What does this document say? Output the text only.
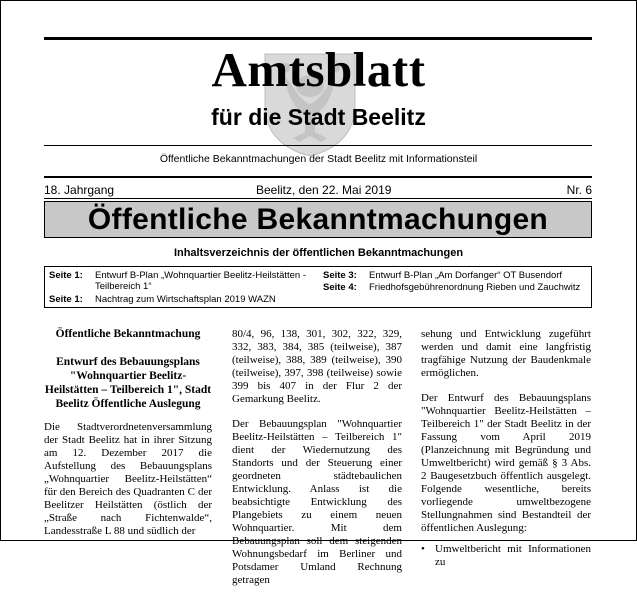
Amtsblatt
für die Stadt Beelitz
Öffentliche Bekanntmachungen der Stadt Beelitz mit Informationsteil
18. Jahrgang	Beelitz, den 22. Mai 2019	Nr. 6
Öffentliche Bekanntmachungen
Inhaltsverzeichnis der öffentlichen Bekanntmachungen
Seite 1:	Entwurf B-Plan „Wohnquartier Beelitz-Heilstätten - Teilbereich 1“
Seite 1:	Nachtrag zum Wirtschaftsplan 2019 WAZN
Seite 3:	Entwurf B-Plan „Am Dorfanger“ OT Busendorf
Seite 4:	Friedhofsgebührenordnung Rieben und Zauchwitz

Öffentliche Bekanntmachung

Entwurf des Bebauungsplans "Wohnquartier Beelitz-Heilstätten – Teilbereich 1", Stadt Beelitz Öffentliche Auslegung

Die Stadtverordnetenversammlung der Stadt Beelitz hat in ihrer Sitzung am 12. Dezember 2017 die Aufstellung des Bebauungsplans „Wohnquartier Beelitz-Heilstätten“ für den Bereich des Quadranten C der Beelitzer Heilstätten (östlich der „Straße nach Fichtenwalde“, Landesstraße L 88 und südlich der

80/4, 96, 138, 301, 302, 322, 329, 332, 383, 384, 385 (teilweise), 387 (teilweise), 388, 389 (teilweise), 390 (teilweise), 397, 398 (teilweise) sowie 399 bis 407 in der Flur 2 der Gemarkung Beelitz.

Der Bebauungsplan "Wohnquartier Beelitz-Heilstätten – Teilbereich 1" dient der Wiedernutzung des Standorts und der Steuerung einer geordneten städtebaulichen Entwicklung. Anlass ist die beabsichtigte Entwicklung des Plangebiets zu einem neuen Wohnquartier. Mit dem Bebauungsplan soll dem steigenden Wohnungsbedarf im Berliner und Potsdamer Umland Rechnung getragen

sehung und Entwicklung zugeführt werden und damit eine langfristig tragfähige Nutzung der Baudenkmale ermöglichen.

Der Entwurf des Bebauungsplans "Wohnquartier Beelitz-Heilstätten – Teilbereich 1" der Stadt Beelitz in der Fassung vom April 2019 (Planzeichnung mit Begründung und Umweltbericht) wird gemäß § 3 Abs. 2 Baugesetzbuch öffentlich ausgelegt. Folgende wesentliche, bereits vorliegende umweltbezogene Stellungnahmen sind Bestandteil der öffentlichen Auslegung:

• Umweltbericht mit Informationen zu
